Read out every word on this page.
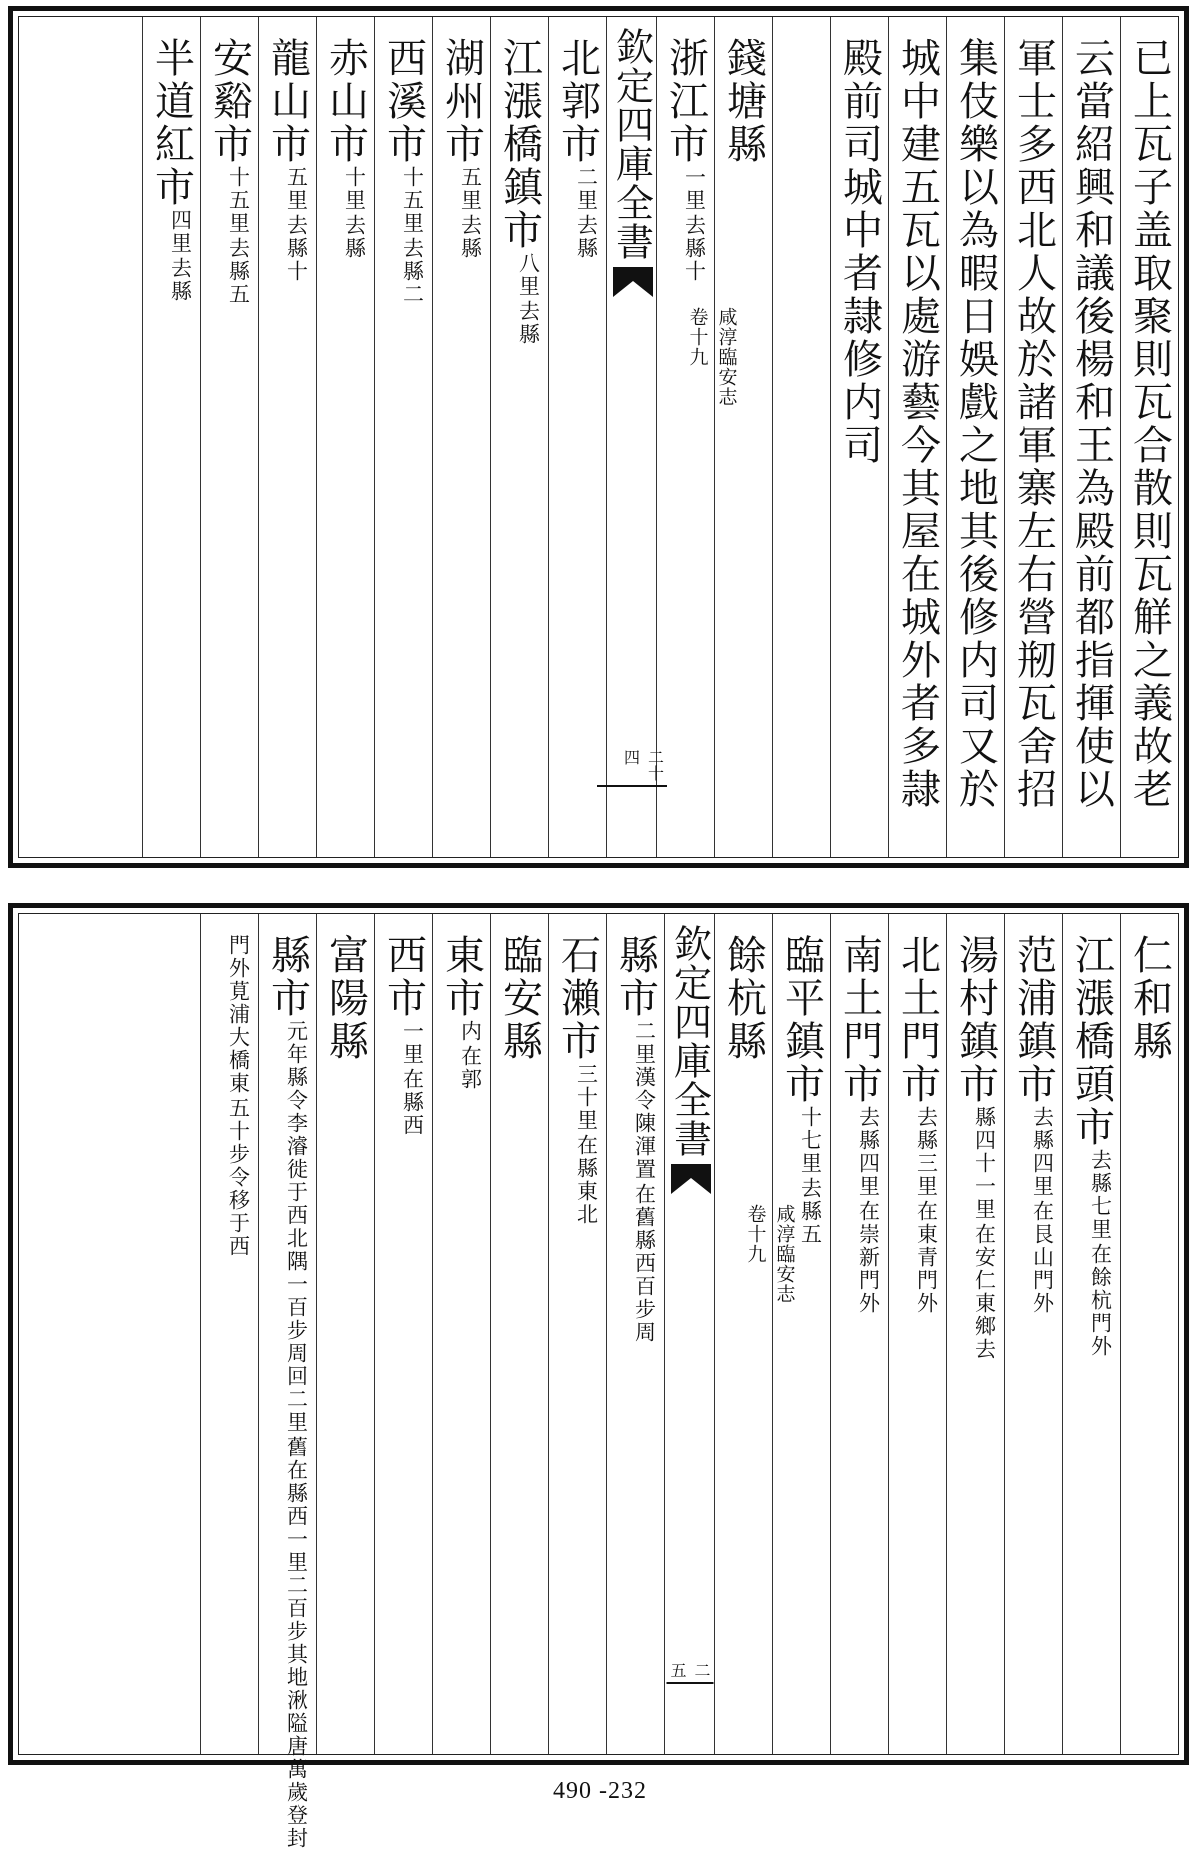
已上瓦子盖取聚則瓦合散則瓦觧之義故老
云當紹興和議後楊和王為殿前都指揮使以
軍士多西北人故於諸軍寨左右營剏瓦舍招
集伎樂以為暇日娛戲之地其後修内司又於
城中建五瓦以處游藝今其屋在城外者多隷
殿前司城中者隷修内司
錢塘縣
浙江市
去縣十
一里
欽定四庫全書
咸淳臨安志
卷十九
二十
四
北郭市
去縣
二里
江漲橋鎮市
去縣
八里
湖州市
去縣
五里
西溪市
去縣二
十五里
赤山市
去縣
十里
龍山市
去縣十
五里
安谿市
去縣五
十五里
半道紅市
去縣
四里
仁和縣
江漲橋頭市
在餘杭門外
去縣七里
范浦鎮市
在艮山門外
去縣四里
湯村鎮市
在安仁東鄉去
縣四十一里
北土門市
在東青門外
去縣三里
南土門市
在崇新門外
去縣四里
臨平鎮市
去縣五
十七里
餘杭縣
欽定四庫全書
咸淳臨安志
卷十九
二
五
縣市
在舊縣西百步周
二里漢令陳渾置
石瀨市
在縣東北
三十里
臨安縣
東市
在郭
内
西市
在縣西
一里
富陽縣
縣市
舊在縣西一里二百步其地湫隘唐萬歲登封
元年縣令李濬徙于西北隅一百步周回二里
五十步令移于西
門外莧浦大橋東
490 -232
